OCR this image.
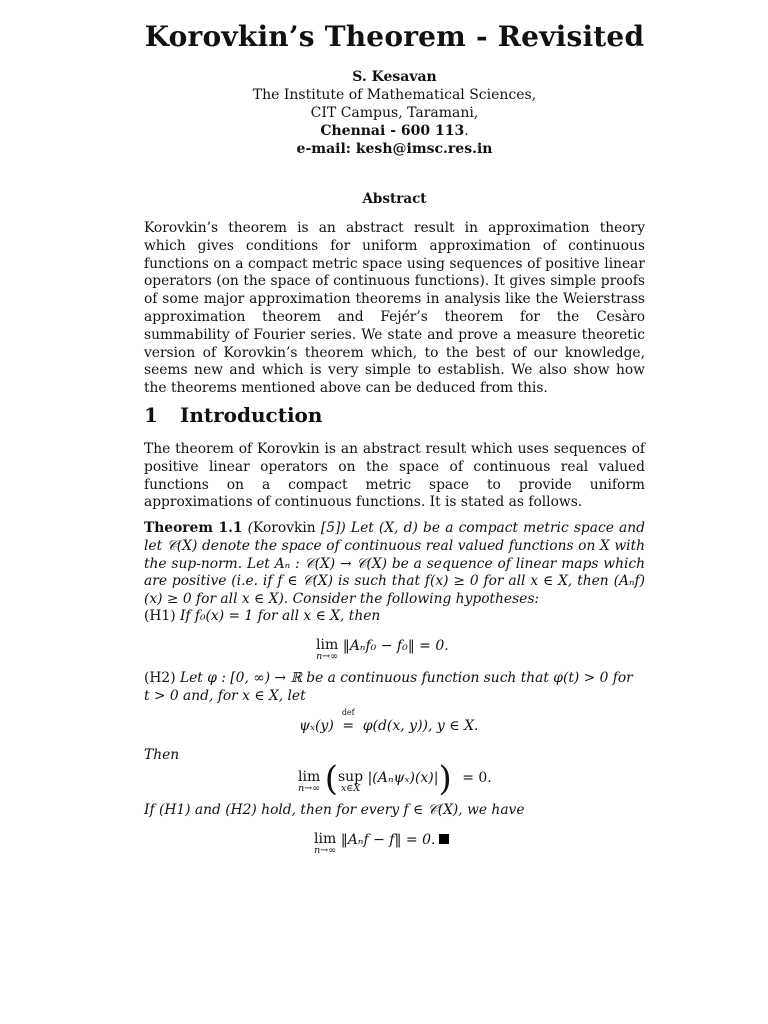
Korovkin’s Theorem - Revisited
S. Kesavan
The Institute of Mathematical Sciences,
CIT Campus, Taramani,
Chennai - 600 113.
e-mail: kesh@imsc.res.in
Abstract

Korovkin’s theorem is an abstract result in approximation theory which gives conditions for uniform approximation of continuous functions on a compact metric space using sequences of positive linear operators (on the space of continuous functions). It gives simple proofs of some major approximation theorems in analysis like the Weierstrass approximation theorem and Fejér’s theorem for the Cesàro summability of Fourier series. We state and prove a measure theoretic version of Korovkin’s theorem which, to the best of our knowledge, seems new and which is very simple to establish. We also show how the theorems mentioned above can be deduced from this.

1 Introduction

The theorem of Korovkin is an abstract result which uses sequences of positive linear operators on the space of continuous real valued functions on a compact metric space to provide uniform approximations of continuous functions. It is stated as follows.

Theorem 1.1 (Korovkin [5]) Let (X, d) be a compact metric space and let 𝒞(X) denote the space of continuous real valued functions on X with the sup-norm. Let Aₙ : 𝒞(X) → 𝒞(X) be a sequence of linear maps which are positive (i.e. if f ∈ 𝒞(X) is such that f(x) ≥ 0 for all x ∈ X, then (Aₙf)(x) ≥ 0 for all x ∈ X). Consider the following hypotheses:

(H1) If f₀(x) = 1 for all x ∈ X, then
lim
n→∞
‖Aₙf₀ − f₀‖ = 0.
(H2) Let φ : [0, ∞) → ℝ be a continuous function such that φ(t) > 0 for
t > 0 and, for x ∈ X, let
ψₓ(y)
def
= φ(d(x, y)), y ∈ X.
Then
lim
n→∞ (sup
x∈X
|(Aₙψₓ)(x)|) = 0.
If (H1) and (H2) hold, then for every f ∈ 𝒞(X), we have
lim
n→∞
‖Aₙf − f‖ = 0.
